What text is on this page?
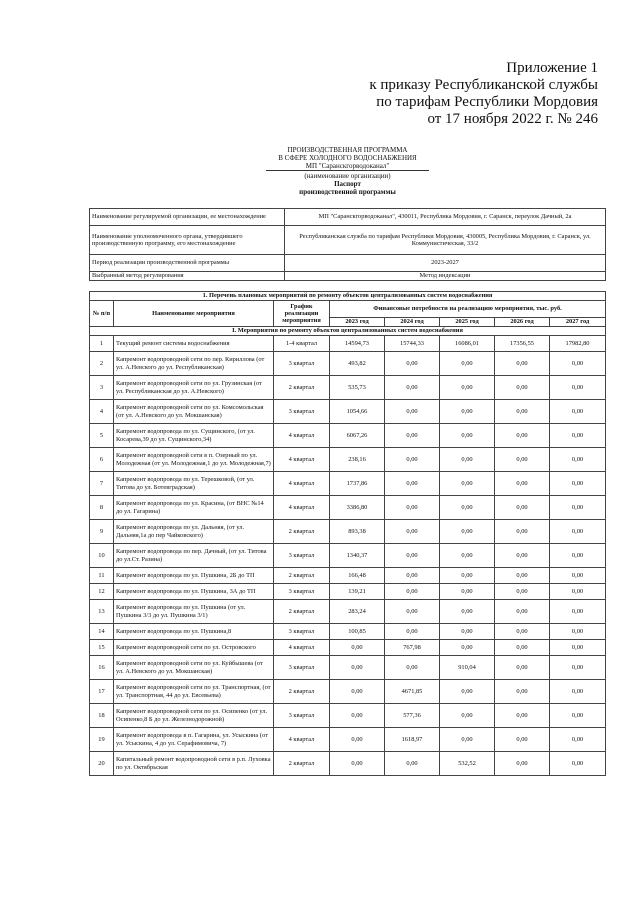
Приложение 1
к приказу Республиканской службы
по тарифам Республики Мордовия
от 17 ноября 2022 г. № 246
ПРОИЗВОДСТВЕННАЯ ПРОГРАММА
В СФЕРЕ ХОЛОДНОГО ВОДОСНАБЖЕНИЯ
МП "Саранскгорводоканал"
(наименование организации)
Паспорт
производственной программы
Наименование регулируемой организации, ее местонахождение	МП "Саранскгорводоканал", 430011, Республика Мордовия, г. Саранск, переулок Дачный, 2а
Наименование уполномоченного органа, утвердившего производственную программу, его местонахождение	Республиканская служба по тарифам Республики Мордовия, 430005, Республика Мордовия, г. Саранск, ул. Коммунистическая, 33/2
Период реализации производственной программы	2023-2027
Выбранный метод регулирования	Метод индексации
1. Перечень плановых мероприятий по ремонту объектов централизованных систем водоснабжения							
№ п/п	Наименование мероприятия	График реализации мероприятия	Финансовые потребности на реализацию мероприятия, тыс. руб.				
			2023 год	2024 год	2025 год	2026 год	2027 год
I. Мероприятия по ремонту объектов централизованных систем водоснабжения							
1	Текущий ремонт системы водоснабжения	1-4 квартал	14594,73	15744,33	16086,01	17356,55	17982,80
2	Капремонт водопроводной сети по пер. Кириллова (от ул. А.Невского до ул. Республиканская)	3 квартал	493,82	0,00	0,00	0,00	0,00
3	Капремонт водопроводной сети по ул. Грузинская (от ул. Республиканская до ул. А.Невского)	2 квартал	535,73	0,00	0,00	0,00	0,00
4	Капремонт водопроводной сети по ул. Комсомольская (от ул. А.Невского до ул. Мокшанская)	3 квартал	1054,66	0,00	0,00	0,00	0,00
5	Капремонт водопровода по ул. Сущинского, (от ул. Косарева,39 до ул. Сущинского,34)	4 квартал	6067,26	0,00	0,00	0,00	0,00
6	Капремонт водопроводной сети в п. Озерный по ул. Молодежная (от ул. Молодежная,1 до ул. Молодежная,7)	4 квартал	238,16	0,00	0,00	0,00	0,00
7	Капремонт водопровода по ул. Терешковой, (от ул. Титова до ул. Ботевградская)	4 квартал	1737,86	0,00	0,00	0,00	0,00
8	Капремонт водопровода по ул. Красина, (от ВНС №14 до ул. Гагарина)	4 квартал	3386,80	0,00	0,00	0,00	0,00
9	Капремонт водопровода по ул. Дальняя, (от ул. Дальняя,1а до пер Чайковского)	2 квартал	893,38	0,00	0,00	0,00	0,00
10	Капремонт водопровода по пер. Дачный, (от ул. Титова до ул.Ст. Разина)	3 квартал	1340,37	0,00	0,00	0,00	0,00
11	Капремонт водопровода по ул. Пушкина, 2Б до ТП	2 квартал	166,48	0,00	0,00	0,00	0,00
12	Капремонт водопровода по ул. Пушкина, 3А до ТП	3 квартал	139,21	0,00	0,00	0,00	0,00
13	Капремонт водопровода по ул. Пушкина (от ул. Пушкина 3/3 до ул. Пушкина 3/1)	2 квартал	283,24	0,00	0,00	0,00	0,00
14	Капремонт водопровода по ул. Пушкина,8	3 квартал	100,85	0,00	0,00	0,00	0,00
15	Капремонт водопроводной сети по ул. Островского	4 квартал	0,00	767,98	0,00	0,00	0,00
16	Капремонт водопроводной сети по ул. Куйбышева (от ул. А.Невского до ул. Мокшанская)	3 квартал	0,00	0,00	910,04	0,00	0,00
17	Капремонт водопроводной сети по ул. Транспортная, (от ул. Транспортная, 44 до ул. Евсевьева)	2 квартал	0,00	4671,85	0,00	0,00	0,00
18	Капремонт водопроводной сети по ул. Осипенко (от ул. Осипенко,8 Б до ул. Железнодорожной)	3 квартал	0,00	577,36	0,00	0,00	0,00
19	Капремонт водопровода в п. Гагарина, ул. Усыскина (от ул. Усыскина, 4 до ул. Серафимовича, 7)	4 квартал	0,00	1618,97	0,00	0,00	0,00
20	Капитальный ремонт водопроводной сети в р.п. Луховка по ул. Октябрьская	2 квартал	0,00	0,00	532,52	0,00	0,00
